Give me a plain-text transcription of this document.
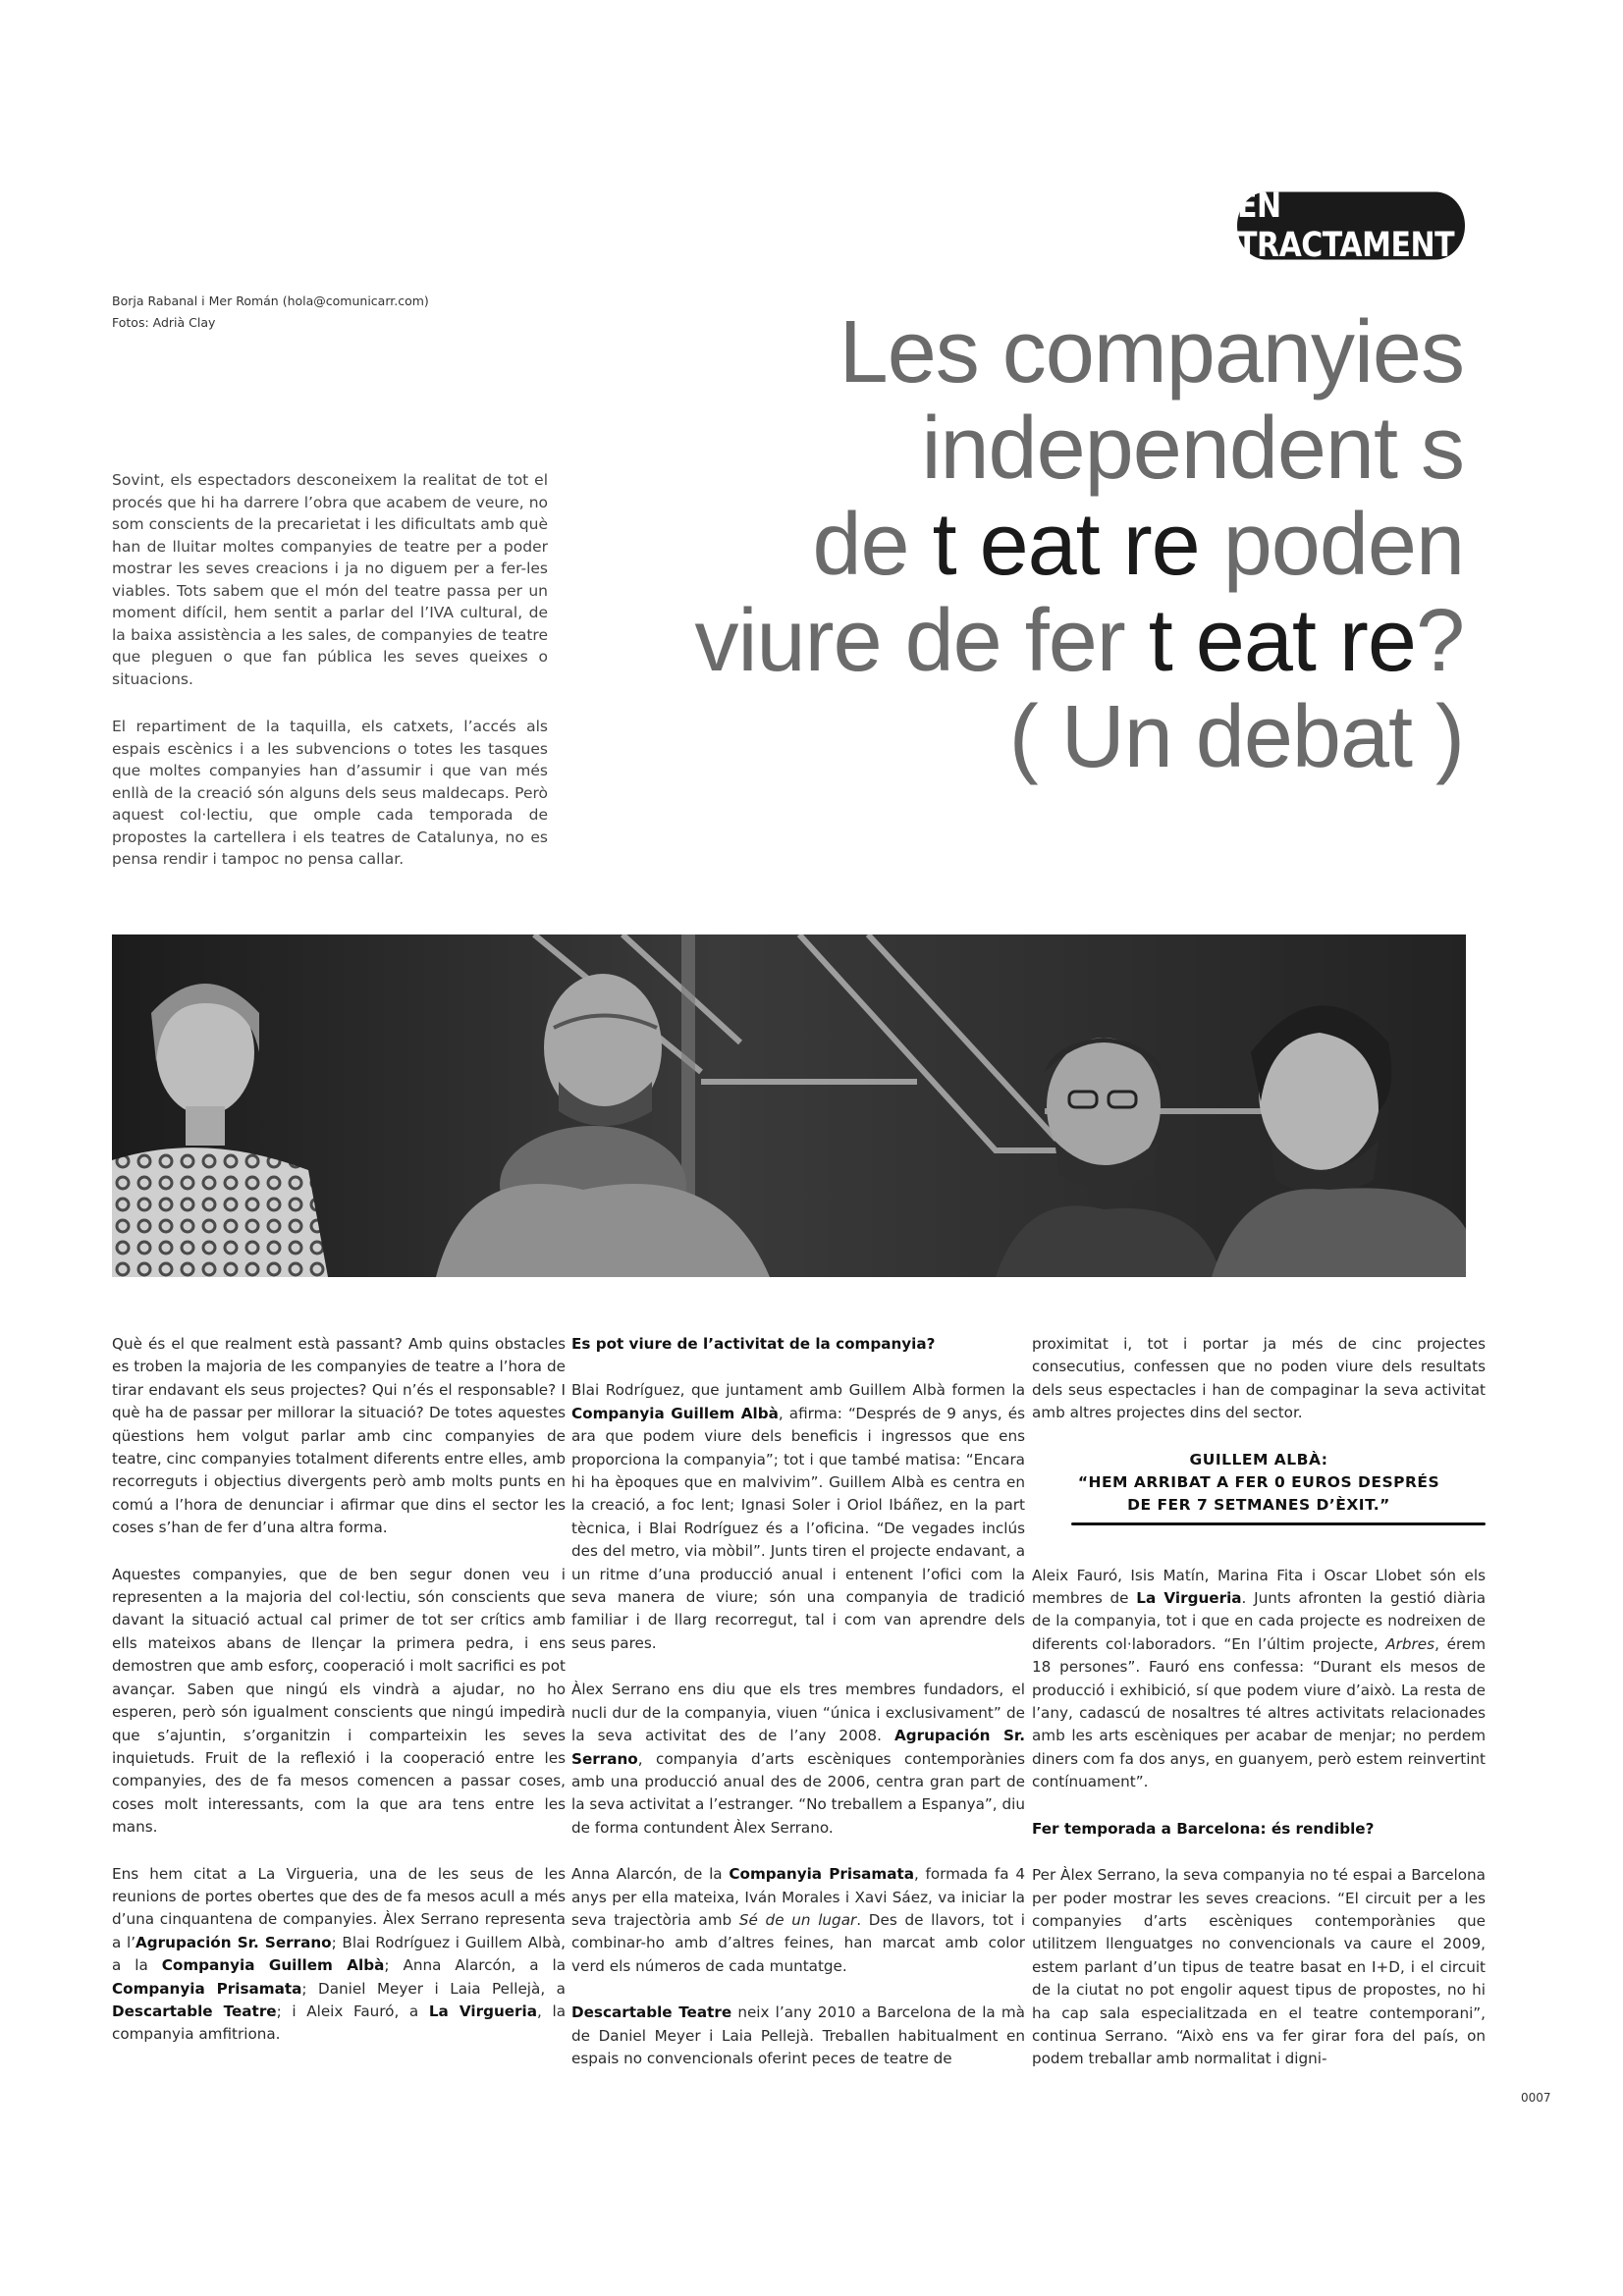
EN TRACTAMENT
Borja Rabanal i Mer Román (hola@comunicarr.com)
Fotos: Adrià Clay	Les companyies
independent s
de t eat re poden
viure de fer t eat re?
( Un debat )

Sovint, els espectadors desconeixem la realitat de tot el procés que hi ha darrere l’obra que acabem de veure, no som conscients de la precarietat i les dificultats amb què han de lluitar moltes companyies de teatre per a poder mostrar les seves creacions i ja no diguem per a fer-les viables. Tots sabem que el món del teatre passa per un moment difícil, hem sentit a parlar del l’IVA cultural, de la baixa assistència a les sales, de companyies de teatre que pleguen o que fan pública les seves queixes o situacions.

El repartiment de la taquilla, els catxets, l’accés als espais escènics i a les subvencions o totes les tasques que moltes companyies han d’assumir i que van més enllà de la creació són alguns dels seus maldecaps. Però aquest col·lectiu, que omple cada temporada de propostes la cartellera i els teatres de Catalunya, no es pensa rendir i tampoc no pensa callar.

Què és el que realment està passant? Amb quins obstacles es troben la majoria de les companyies de teatre a l’hora de tirar endavant els seus projectes? Qui n’és el responsable? I què ha de passar per millorar la situació? De totes aquestes qüestions hem volgut parlar amb cinc companyies de teatre, cinc companyies totalment diferents entre elles, amb recorreguts i objectius divergents però amb molts punts en comú a l’hora de denunciar i afirmar que dins el sector les coses s’han de fer d’una altra forma.

Aquestes companyies, que de ben segur donen veu i representen a la majoria del col·lectiu, són conscients que davant la situació actual cal primer de tot ser crítics amb ells mateixos abans de llençar la primera pedra, i ens demostren que amb esforç, cooperació i molt sacrifici es pot avançar. Saben que ningú els vindrà a ajudar, no ho esperen, però són igualment conscients que ningú impedirà que s’ajuntin, s’organitzin i comparteixin les seves inquietuds. Fruit de la reflexió i la cooperació entre les companyies, des de fa mesos comencen a passar coses, coses molt interessants, com la que ara tens entre les mans.

Ens hem citat a La Virgueria, una de les seus de les reunions de portes obertes que des de fa mesos acull a més d’una cinquantena de companyies. Àlex Serrano representa a l’Agrupación Sr. Serrano; Blai Rodríguez i Guillem Albà, a la Companyia Guillem Albà; Anna Alarcón, a la Companyia Prisamata; Daniel Meyer i Laia Pellejà, a Descartable Teatre; i Aleix Fauró, a La Virgueria, la companyia amfitriona.

Es pot viure de l’activitat de la companyia?

Blai Rodríguez, que juntament amb Guillem Albà formen la Companyia Guillem Albà, afirma: “Després de 9 anys, és ara que podem viure dels beneficis i ingressos que ens proporciona la companyia”; tot i que també matisa: “Encara hi ha èpoques que en malvivim”. Guillem Albà es centra en la creació, a foc lent; Ignasi Soler i Oriol Ibáñez, en la part tècnica, i Blai Rodríguez és a l’oficina. “De vegades inclús des del metro, via mòbil”. Junts tiren el projecte endavant, a un ritme d’una producció anual i entenent l’ofici com la seva manera de viure; són una companyia de tradició familiar i de llarg recorregut, tal i com van aprendre dels seus pares.

Àlex Serrano ens diu que els tres membres fundadors, el nucli dur de la companyia, viuen “única i exclusivament” de la seva activitat des de l’any 2008. Agrupación Sr. Serrano, companyia d’arts escèniques contemporànies amb una producció anual des de 2006, centra gran part de la seva activitat a l’estranger. “No treballem a Espanya”, diu de forma contundent Àlex Serrano.

Anna Alarcón, de la Companyia Prisamata, formada fa 4 anys per ella mateixa, Iván Morales i Xavi Sáez, va iniciar la seva trajectòria amb Sé de un lugar. Des de llavors, tot i combinar-ho amb d’altres feines, han marcat amb color verd els números de cada muntatge.

Descartable Teatre neix l’any 2010 a Barcelona de la mà de Daniel Meyer i Laia Pellejà. Treballen habitualment en espais no convencionals oferint peces de teatre de

proximitat i, tot i portar ja més de cinc projectes consecutius, confessen que no poden viure dels resultats dels seus espectacles i han de compaginar la seva activitat amb altres projectes dins del sector.

GUILLEM ALBÀ:
“HEM ARRIBAT A FER 0 EUROS DESPRÉS
DE FER 7 SETMANES D’ÈXIT.”

Aleix Fauró, Isis Matín, Marina Fita i Oscar Llobet són els membres de La Virgueria. Junts afronten la gestió diària de la companyia, tot i que en cada projecte es nodreixen de diferents col·laboradors. “En l’últim projecte, Arbres, érem 18 persones”. Fauró ens confessa: “Durant els mesos de producció i exhibició, sí que podem viure d’això. La resta de l’any, cadascú de nosaltres té altres activitats relacionades amb les arts escèniques per acabar de menjar; no perdem diners com fa dos anys, en guanyem, però estem reinvertint contínuament”.

Fer temporada a Barcelona: és rendible?

Per Àlex Serrano, la seva companyia no té espai a Barcelona per poder mostrar les seves creacions. “El circuit per a les companyies d’arts escèniques contemporànies que utilitzem llenguatges no convencionals va caure el 2009, estem parlant d’un tipus de teatre basat en I+D, i el circuit de la ciutat no pot engolir aquest tipus de propostes, no hi ha cap sala especialitzada en el teatre contemporani”, continua Serrano. “Això ens va fer girar fora del país, on podem treballar amb normalitat i digni-

0007
